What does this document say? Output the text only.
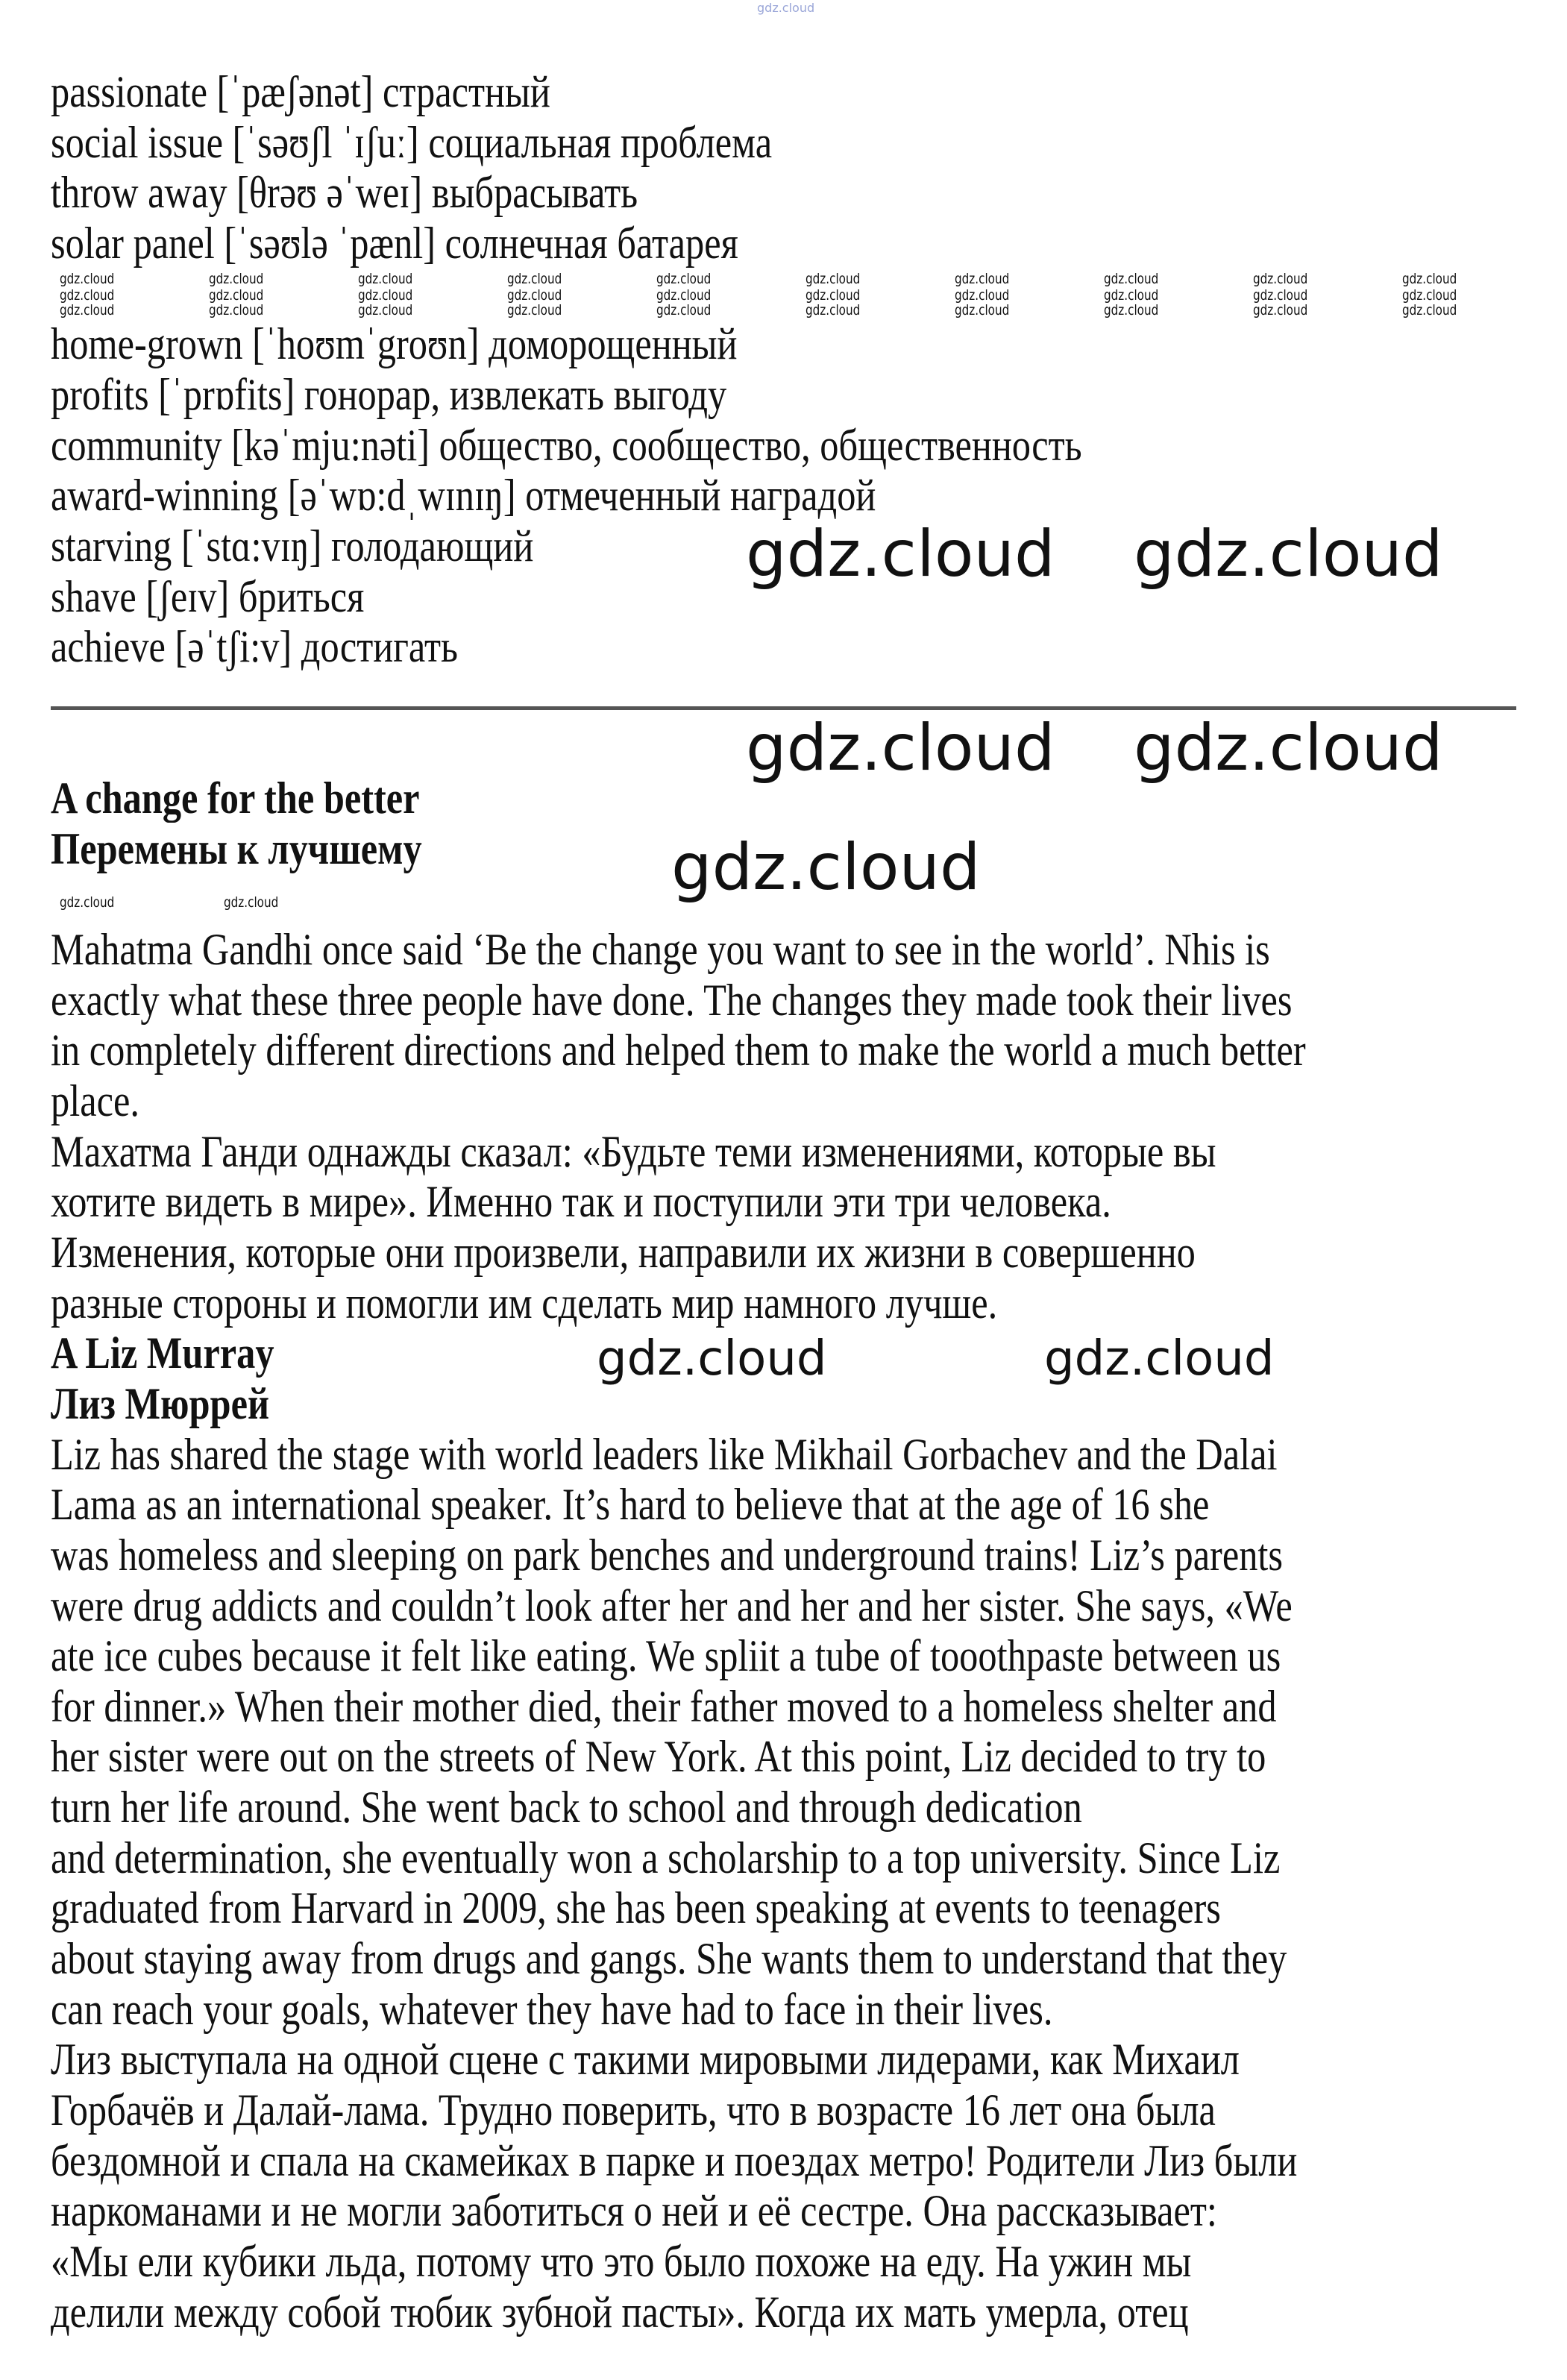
passionate [ˈpæʃənət] страстный
social issue [ˈsəʊʃl ˈɪʃuː] социальная проблема
throw away [θrəʊ əˈweɪ] выбрасывать
solar panel [ˈsəʊlə ˈpænl] солнечная батарея
home-grown [ˈhoʊmˈgroʊn] доморощенный
profits [ˈprɒfits] гонорар, извлекать выгоду
community [kəˈmju:nəti] общество, сообщество, общественность
award-winning [əˈwɒ:dˌwɪnɪŋ] отмеченный наградой
starving [ˈstɑ:vɪŋ] голодающий
shave [ʃeɪv] бриться
achieve [əˈtʃi:v] достигать
A change for the better
Перемены к лучшему
Mahatma Gandhi once said ‘Be the change you want to see in the world’. Nhis is
exactly what these three people have done. The changes they made took their lives
in completely different directions and helped them to make the world a much better
place.
Махатма Ганди однажды сказал: «Будьте теми изменениями, которые вы
хотите видеть в мире». Именно так и поступили эти три человека.
Изменения, которые они произвели, направили их жизни в совершенно
разные стороны и помогли им сделать мир намного лучше.
A Liz Murray
Лиз Мюррей
Liz has shared the stage with world leaders like Mikhail Gorbachev and the Dalai
Lama as an international speaker. It’s hard to believe that at the age of 16 she
was homeless and sleeping on park benches and underground trains! Liz’s parents
were drug addicts and couldn’t look after her and her and her sister. She says, «We
ate ice cubes because it felt like eating. We spliit a tube of tooothpaste between us
for dinner.» When their mother died, their father moved to a homeless shelter and
her sister were out on the streets of New York. At this point, Liz decided to try to
turn her life around. She went back to school and through dedication
and determination, she eventually won a scholarship to a top university. Since Liz
graduated from Harvard in 2009, she has been speaking at events to teenagers
about staying away from drugs and gangs. She wants them to understand that they
can reach your goals, whatever they have had to face in their lives.
Лиз выступала на одной сцене с такими мировыми лидерами, как Михаил
Горбачёв и Далай-лама. Трудно поверить, что в возрасте 16 лет она была
бездомной и спала на скамейках в парке и поездах метро! Родители Лиз были
наркоманами и не могли заботиться о ней и её сестре. Она рассказывает:
«Мы ели кубики льда, потому что это было похоже на еду. На ужин мы
делили между собой тюбик зубной пасты». Когда их мать умерла, отец
gdz.cloud
gdz.cloud gdz.cloud
gdz.cloud gdz.cloud
gdz.cloud
gdz.cloud	gdz.cloud
gdz.cloud	gdz.cloud	gdz.cloud	gdz.cloud	gdz.cloud	gdz.cloud	gdz.cloud	gdz.cloud	gdz.cloud	gdz.cloud
gdz.cloud	gdz.cloud	gdz.cloud	gdz.cloud	gdz.cloud	gdz.cloud	gdz.cloud	gdz.cloud	gdz.cloud	gdz.cloud
gdz.cloud	gdz.cloud	gdz.cloud	gdz.cloud	gdz.cloud	gdz.cloud	gdz.cloud	gdz.cloud	gdz.cloud	gdz.cloud
gdz.cloud	gdz.cloud
